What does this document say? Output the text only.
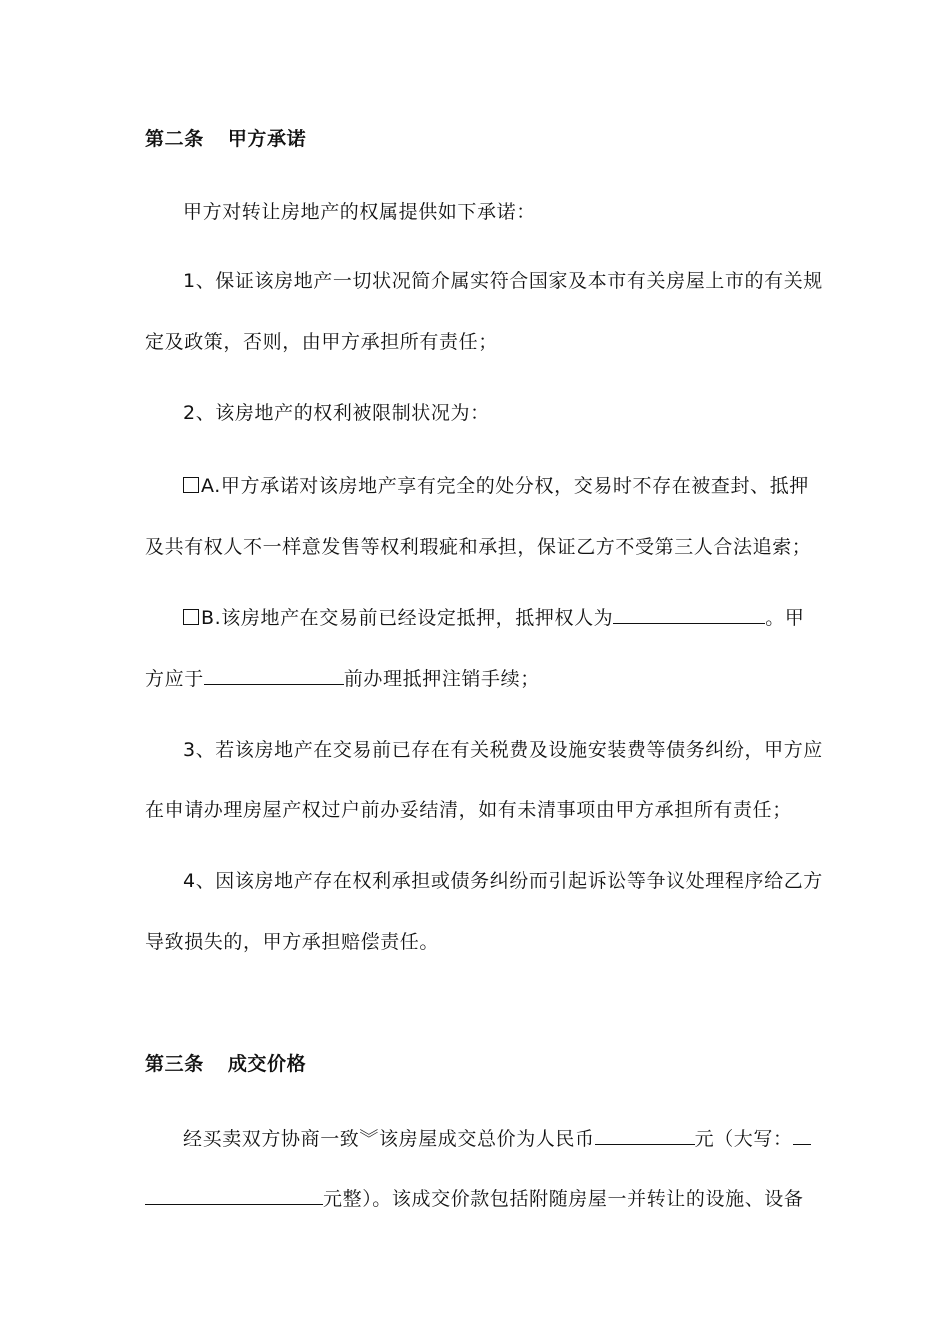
第二条 甲方承诺
甲方对转让房地产的权属提供如下承诺：
1、保证该房地产一切状况简介属实符合国家及本市有关房屋上市的有关规
定及政策，否则，由甲方承担所有责任；
2、该房地产的权利被限制状况为：
A.甲方承诺对该房地产享有完全的处分权，交易时不存在被查封、抵押
及共有权人不一样意发售等权利瑕疵和承担，保证乙方不受第三人合法追索；
B.该房地产在交易前已经设定抵押，抵押权人为	。甲
方应于	前办理抵押注销手续；
3、若该房地产在交易前已存在有关税费及设施安装费等债务纠纷，甲方应
在申请办理房屋产权过户前办妥结清，如有未清事项由甲方承担所有责任；
4、因该房地产存在权利承担或债务纠纷而引起诉讼等争议处理程序给乙方
导致损失的，甲方承担赔偿责任。
第三条 成交价格
经买卖双方协商一致︾该房屋成交总价为人民币	元（大写：
元整）。该成交价款包括附随房屋一并转让的设施、设备
